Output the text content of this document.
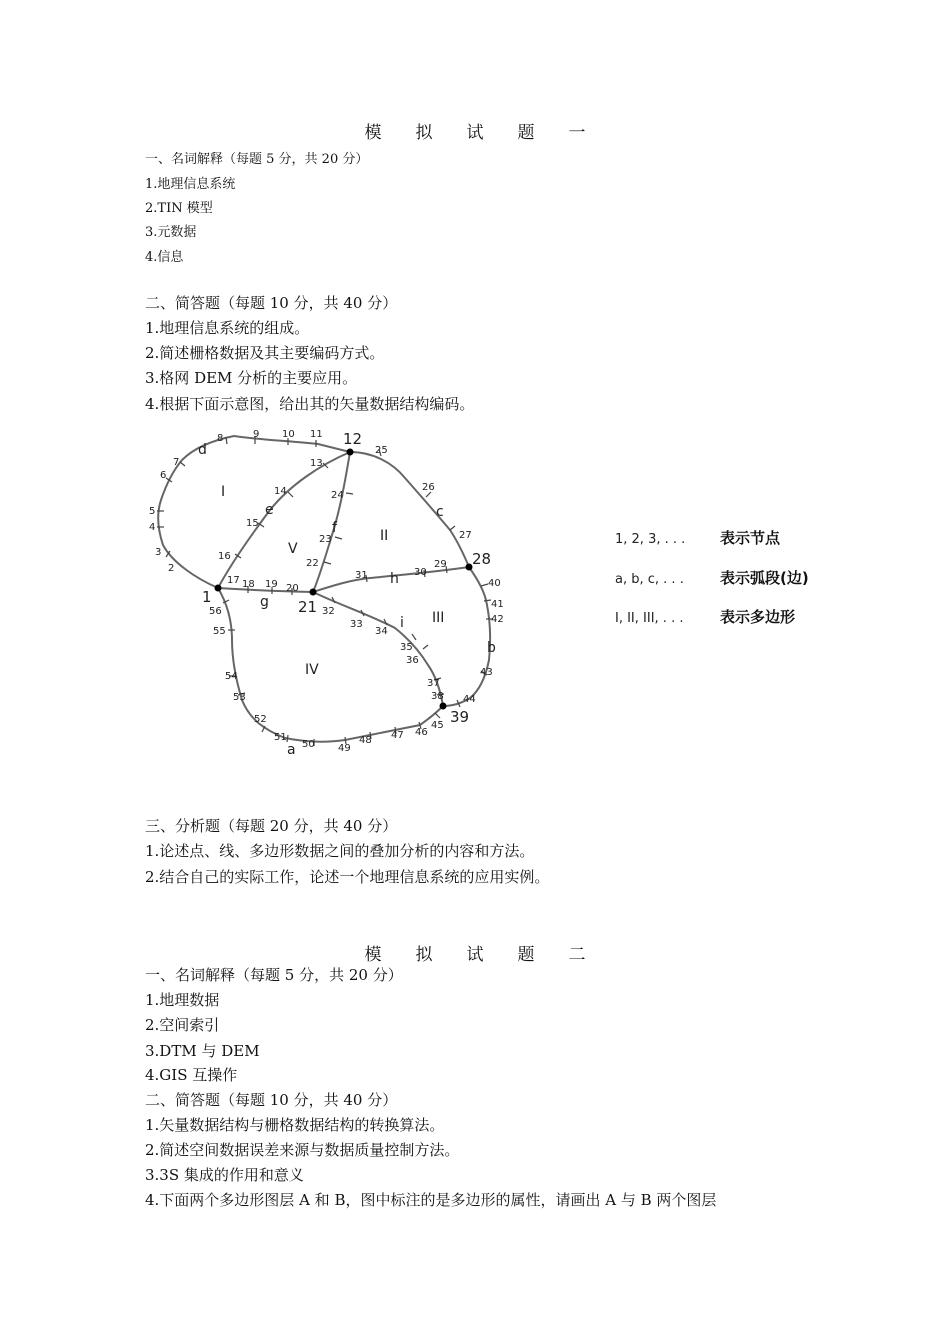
模拟试题一
一、名词解释（每题 5 分，共 20 分）
1.地理信息系统
2.TIN 模型
3.元数据
4.信息
二、简答题（每题 10 分，共 40 分）
1.地理信息系统的组成。
2.简述栅格数据及其主要编码方式。
3.格网 DEM 分析的主要应用。
4.根据下面示意图，给出其的矢量数据结构编码。
1
12
21
28
39
a
b
c
d
e
f
g
h
i
I
II
III
IV
V
2
3
4
5
6
7
8	9 10 11
13
14
15
16
17 18 19 20
22
23
24
25
26
27
29
30
31
32
33
34
35
36
37
38
40
41
42
43
44
45
46
47
48
49
50
51
52
53
54
55
56
1, 2, 3, . . . 表示节点
a, b, c, . . . 表示弧段(边)
I, II, III, . . . 表示多边形
三、分析题（每题 20 分，共 40 分）
1.论述点、线、多边形数据之间的叠加分析的内容和方法。
2.结合自己的实际工作，论述一个地理信息系统的应用实例。
模拟试题二
一、名词解释（每题 5 分，共 20 分）
1.地理数据
2.空间索引
3.DTM 与 DEM
4.GIS 互操作
二、简答题（每题 10 分，共 40 分）
1.矢量数据结构与栅格数据结构的转换算法。
2.简述空间数据误差来源与数据质量控制方法。
3.3S 集成的作用和意义
4.下面两个多边形图层 A 和 B，图中标注的是多边形的属性，请画出 A 与 B 两个图层
